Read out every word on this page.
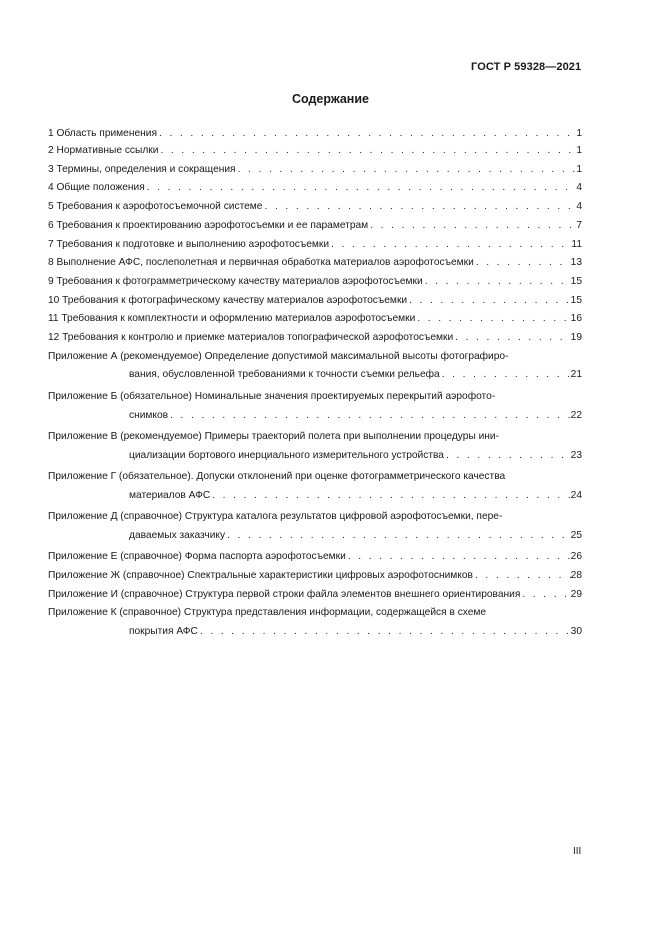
ГОСТ Р 59328—2021
Содержание
1 Область применения . . .	1
2 Нормативные ссылки . . .	1
3 Термины, определения и сокращения . . .	1
4 Общие положения . . .	4
5 Требования к аэрофотосъемочной системе . . .	4
6 Требования к проектированию аэрофотосъемки и ее параметрам . . .	7
7 Требования к подготовке и выполнению аэрофотосъемки . . .	11
8 Выполнение АФС, послеполетная и первичная обработка материалов аэрофотосъемки . . .	13
9 Требования к фотограмметрическому качеству материалов аэрофотосъемки . . .	15
10 Требования к фотографическому качеству материалов аэрофотосъемки . . .	15
11 Требования к комплектности и оформлению материалов аэрофотосъемки . . .	16
12 Требования к контролю и приемке материалов топографической аэрофотосъемки . . .	19
Приложение А (рекомендуемое) Определение допустимой максимальной высоты фотографиро-
вания, обусловленной требованиями к точности съемки рельефа . . .	21
Приложение Б (обязательное) Номинальные значения проектируемых перекрытий аэрофото-
снимков . . .	22
Приложение В (рекомендуемое) Примеры траекторий полета при выполнении процедуры ини-
циализации бортового инерциального измерительного устройства . . .	23
Приложение Г (обязательное). Допуски отклонений при оценке фотограмметрического качества
материалов АФС . . .	24
Приложение Д (справочное) Структура каталога результатов цифровой аэрофотосъемки, пере-
даваемых заказчику . . .	25
Приложение Е (справочное) Форма паспорта аэрофотосъемки . . .	26
Приложение Ж (справочное) Спектральные характеристики цифровых аэрофотоснимков . . .	28
Приложение И (справочное) Структура первой строки файла элементов внешнего ориентирования . . .	29
Приложение К (справочное) Структура представления информации, содержащейся в схеме
покрытия АФС . . .	30
III
